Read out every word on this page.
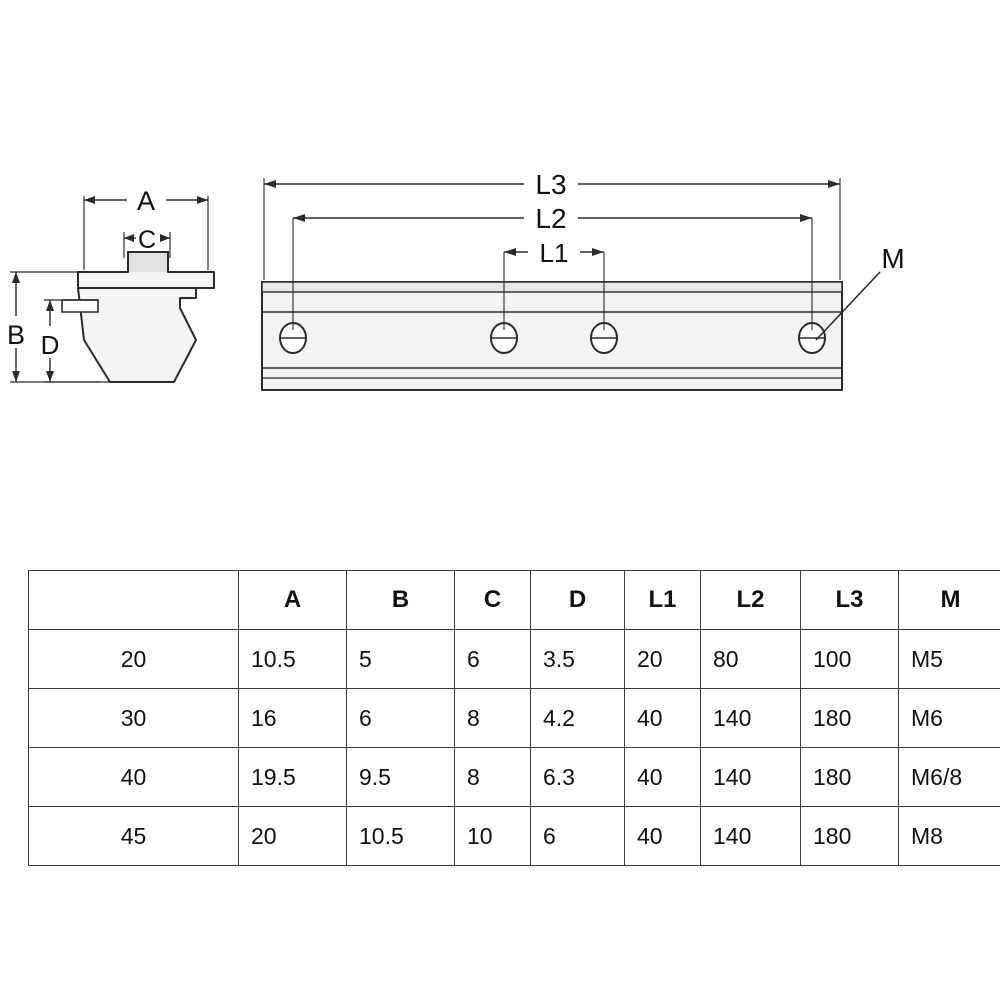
A
C
B D
L3
L2
L1	M
	A	B	C	D	L1	L2	L3	M
20	10.5	5	6	3.5	20	80	100	M5
30	16	6	8	4.2	40	140	180	M6
40	19.5	9.5	8	6.3	40	140	180	M6/8
45	20	10.5	10	6	40	140	180	M8
